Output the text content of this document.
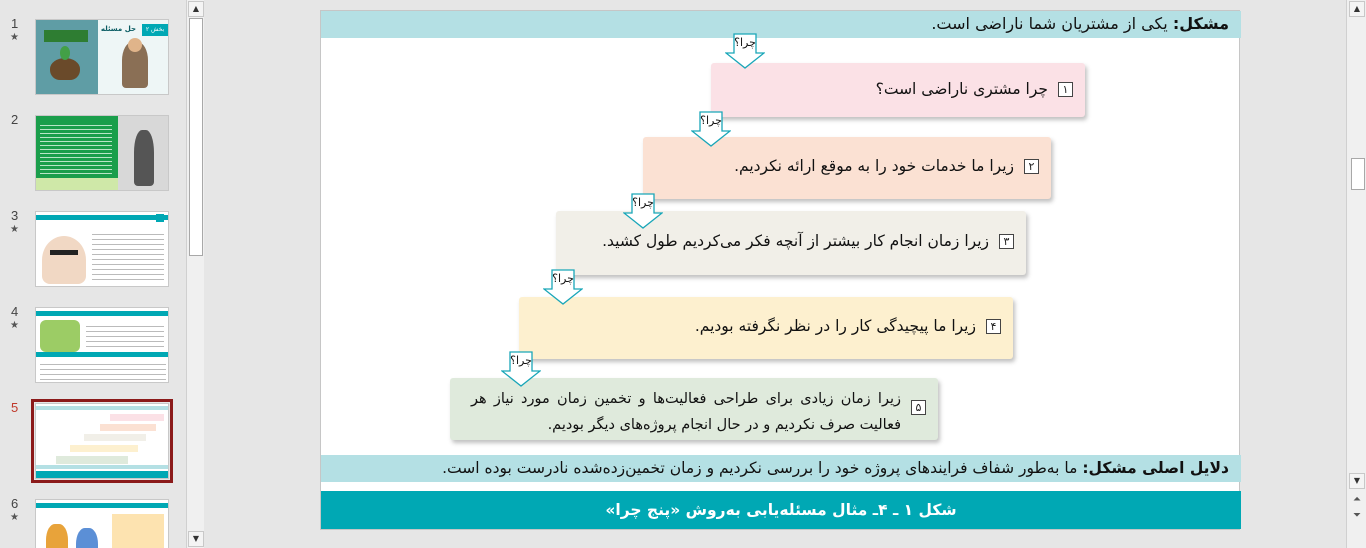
1
★
بخش ۲
حل مسئله
2
3
★
4
★
5
6
★
▲
▼
مشکل: یکی از مشتریان شما ناراضی است.
۱
چرا مشتری ناراضی است؟
۲
زیرا ما خدمات خود را به موقع ارائه نکردیم.
۳
زیرا زمان انجام کار بیشتر از آنچه فکر می‌کردیم طول کشید.
۴
زیرا ما پیچیدگی کار را در نظر نگرفته بودیم.
۵
زیرا زمان زیادی برای طراحی فعالیت‌ها و تخمین زمان مورد نیاز هر فعالیت صرف نکردیم و در حال انجام پروژه‌های دیگر بودیم.
چرا؟
چرا؟
چرا؟
چرا؟
چرا؟
دلایل اصلی مشکل: ما به‌طور شفاف فرایندهای پروژه خود را بررسی نکردیم و زمان تخمین‌زده‌شده نادرست بوده است.
شکل ۱ ـ ۴ـ مثال مسئله‌یابی به‌روش «پنج چرا»
▲
▼
⏶
⏷
